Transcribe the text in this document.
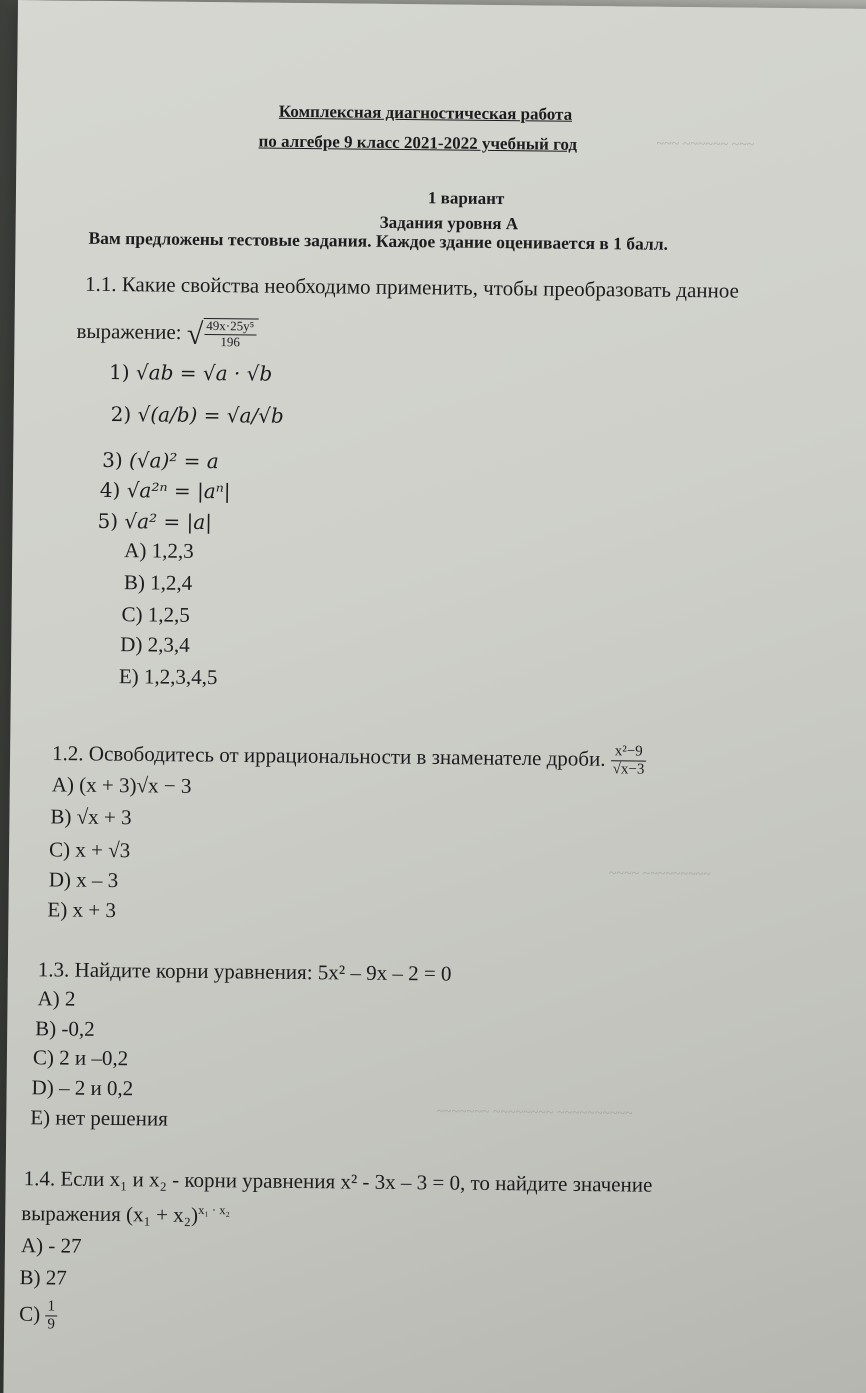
~~~ ~~~~~~ ~~~
~~~~ ~~~~~~~~~
~~~~~~~ ~~~~~~~~ ~~~~~~~~~~
Комплексная диагностическая работа
по алгебре 9 класс 2021-2022 учебный год
1 вариант
Задания уровня А
Вам предложены тестовые задания. Каждое здание оценивается в 1 балл.
1.1. Какие свойства необходимо применить, чтобы преобразовать данное
выражение: √ $\frac{\text{49x·25y⁵}}{196}$
1) √ab = √a · √b
2) √(a/b) = √a/√b
3) (√a)² = a
4) √a²ⁿ = |aⁿ|
5) √a² = |a|
A) 1,2,3
B) 1,2,4
C) 1,2,5
D) 2,3,4
E) 1,2,3,4,5
1.2. Освободитесь от иррациональности в знаменателе дроби. $\frac{\text{x²−9}}{√x-3}$
A) (x + 3)√x − 3
B) √x + 3
C) x + √3
D) x – 3
E) x + 3
1.3. Найдите корни уравнения: 5x² – 9x – 2 = 0
A) 2
B) -0,2
C) 2 и –0,2
D) – 2 и 0,2
E) нет решения
1.4. Если x₁ и x₂ - корни уравнения x² - 3x – 3 = 0, то найдите значение
выражения $(x_1 + x_2)^{x_1 \cdot x_2}$
A) - 27
B) 27
$C) \frac{1}{9}$
